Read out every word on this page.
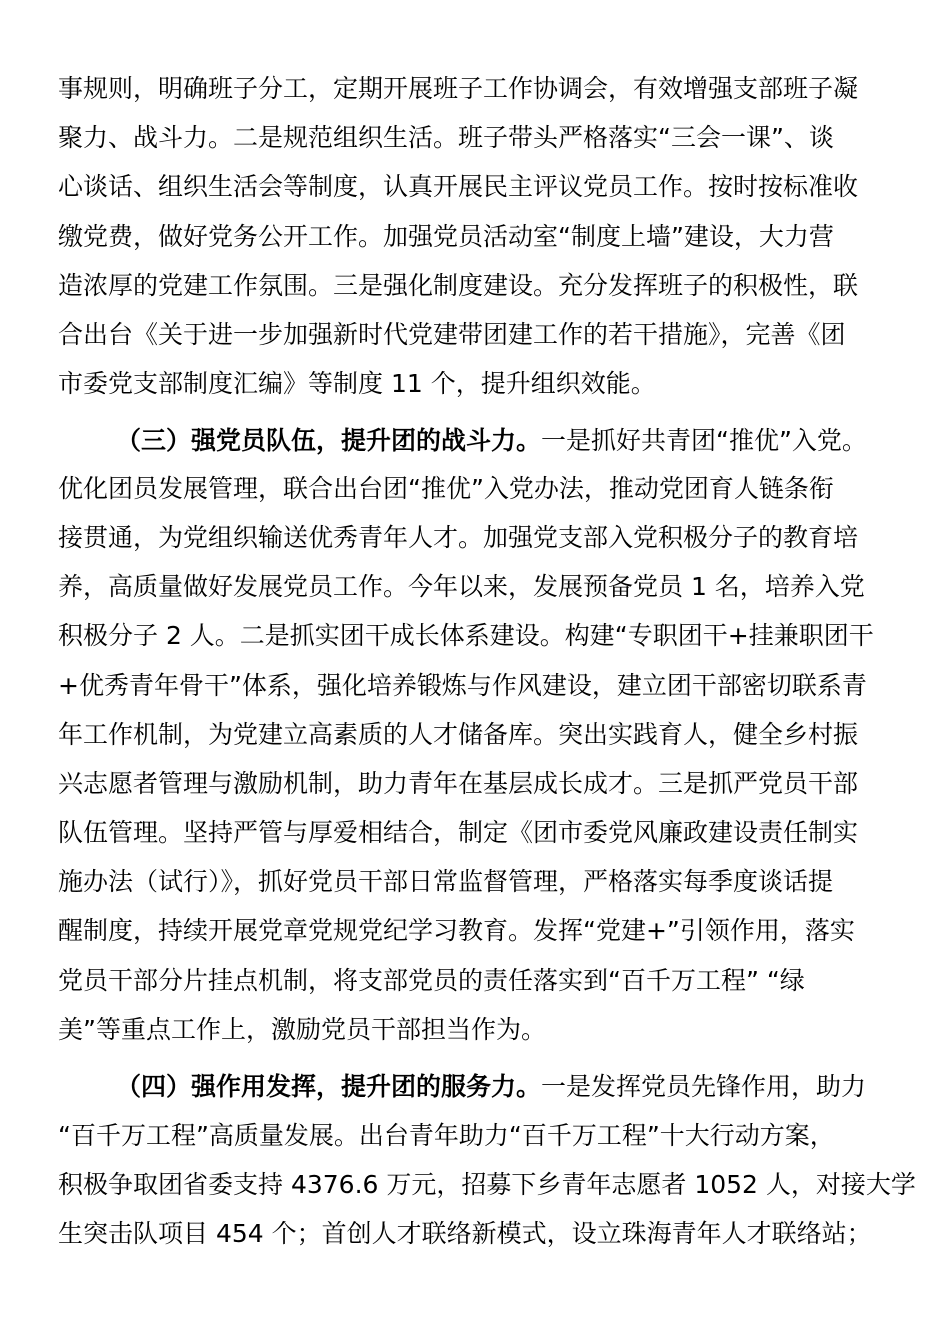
事规则，明确班子分工，定期开展班子工作协调会，有效增强支部班子凝
聚力、战斗力。二是规范组织生活。班子带头严格落实“三会一课”、谈
心谈话、组织生活会等制度，认真开展民主评议党员工作。按时按标准收
缴党费，做好党务公开工作。加强党员活动室“制度上墙”建设，大力营
造浓厚的党建工作氛围。三是强化制度建设。充分发挥班子的积极性，联
合出台《关于进一步加强新时代党建带团建工作的若干措施》，完善《团
市委党支部制度汇编》等制度 11 个，提升组织效能。
（三）强党员队伍，提升团的战斗力。一是抓好共青团“推优”入党。
优化团员发展管理，联合出台团“推优”入党办法，推动党团育人链条衔
接贯通，为党组织输送优秀青年人才。加强党支部入党积极分子的教育培
养，高质量做好发展党员工作。今年以来，发展预备党员 1 名，培养入党
积极分子 2 人。二是抓实团干成长体系建设。构建“专职团干+挂兼职团干
+优秀青年骨干”体系，强化培养锻炼与作风建设，建立团干部密切联系青
年工作机制，为党建立高素质的人才储备库。突出实践育人，健全乡村振
兴志愿者管理与激励机制，助力青年在基层成长成才。三是抓严党员干部
队伍管理。坚持严管与厚爱相结合，制定《团市委党风廉政建设责任制实
施办法（试行）》，抓好党员干部日常监督管理，严格落实每季度谈话提
醒制度，持续开展党章党规党纪学习教育。发挥“党建+”引领作用，落实
党员干部分片挂点机制，将支部党员的责任落实到“百千万工程” “绿
美”等重点工作上，激励党员干部担当作为。
（四）强作用发挥，提升团的服务力。一是发挥党员先锋作用，助力
“百千万工程”高质量发展。出台青年助力“百千万工程”十大行动方案，
积极争取团省委支持 4376.6 万元，招募下乡青年志愿者 1052 人，对接大学
生突击队项目 454 个；首创人才联络新模式，设立珠海青年人才联络站；
